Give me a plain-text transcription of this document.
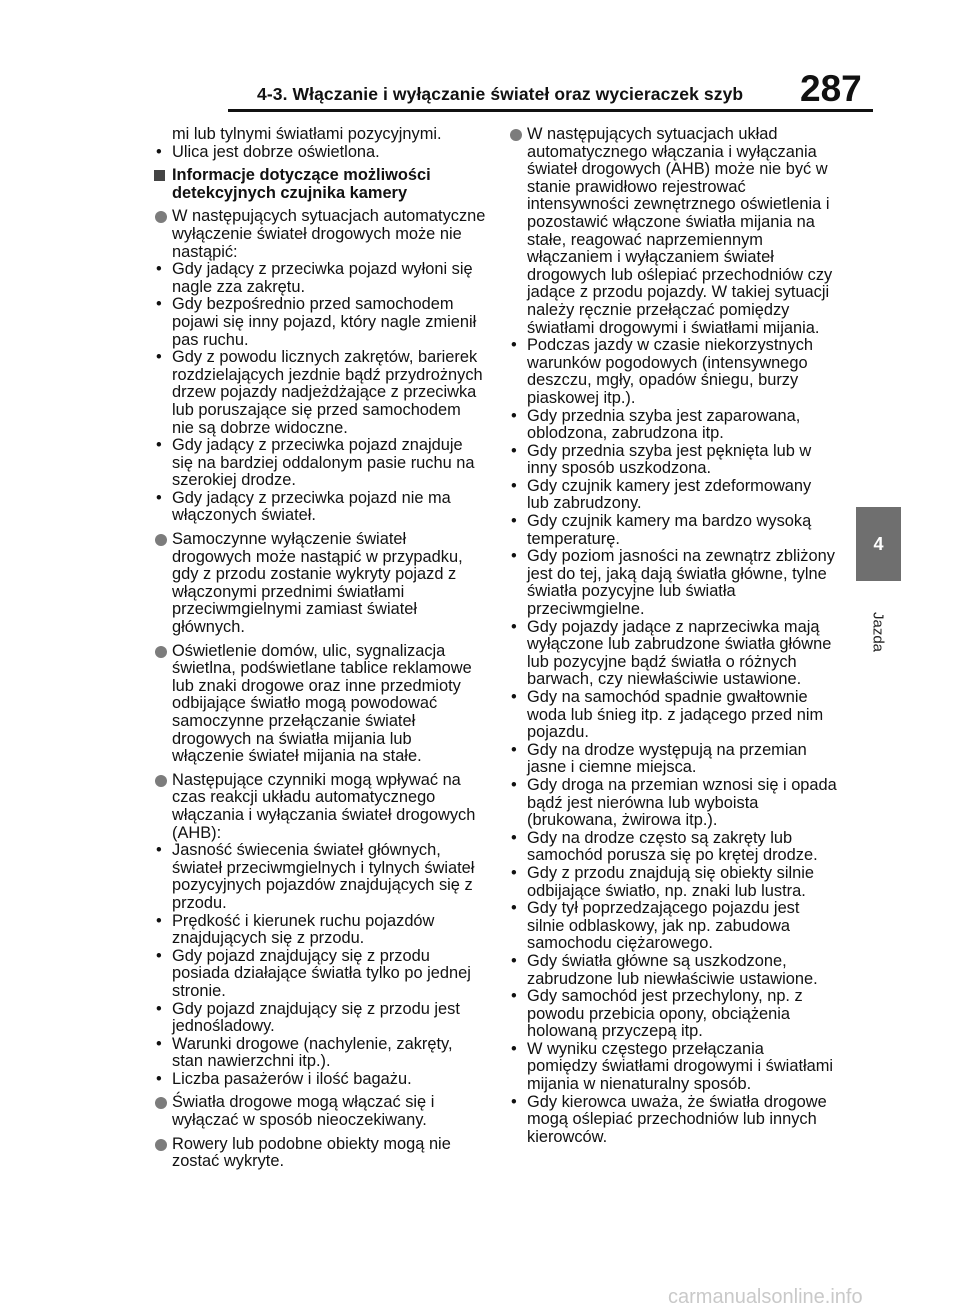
4-3. Włączanie i wyłączanie świateł oraz wycieraczek szyb 287
4
Jazda
mi lub tylnymi światłami pozycyjnymi.
• Ulica jest dobrze oświetlona.
Informacje dotyczące możliwości detekcyjnych czujnika kamery
W następujących sytuacjach automatyczne wyłączenie świateł drogowych może nie nastąpić:
• Gdy jadący z przeciwka pojazd wyłoni się nagle zza zakrętu.
• Gdy bezpośrednio przed samochodem pojawi się inny pojazd, który nagle zmienił pas ruchu.
• Gdy z powodu licznych zakrętów, barierek rozdzielających jezdnie bądź przydrożnych drzew pojazdy nadjeżdżające z przeciwka lub poruszające się przed samochodem nie są dobrze widoczne.
• Gdy jadący z przeciwka pojazd znajduje się na bardziej oddalonym pasie ruchu na szerokiej drodze.
• Gdy jadący z przeciwka pojazd nie ma włączonych świateł.
Samoczynne wyłączenie świateł drogowych może nastąpić w przypadku, gdy z przodu zostanie wykryty pojazd z włączonymi przednimi światłami przeciwmgielnymi zamiast świateł głównych.
Oświetlenie domów, ulic, sygnalizacja świetlna, podświetlane tablice reklamowe lub znaki drogowe oraz inne przedmioty odbijające światło mogą powodować samoczynne przełączanie świateł drogowych na światła mijania lub włączenie świateł mijania na stałe.
Następujące czynniki mogą wpływać na czas reakcji układu automatycznego włączania i wyłączania świateł drogowych (AHB):
• Jasność świecenia świateł głównych, świateł przeciwmgielnych i tylnych świateł pozycyjnych pojazdów znajdujących się z przodu.
• Prędkość i kierunek ruchu pojazdów znajdujących się z przodu.
• Gdy pojazd znajdujący się z przodu posiada działające światła tylko po jednej stronie.
• Gdy pojazd znajdujący się z przodu jest jednośladowy.
• Warunki drogowe (nachylenie, zakręty, stan nawierzchni itp.).
• Liczba pasażerów i ilość bagażu.
Światła drogowe mogą włączać się i wyłączać w sposób nieoczekiwany.
Rowery lub podobne obiekty mogą nie zostać wykryte.
W następujących sytuacjach układ automatycznego włączania i wyłączania świateł drogowych (AHB) może nie być w stanie prawidłowo rejestrować intensywności zewnętrznego oświetlenia i pozostawić włączone światła mijania na stałe, reagować naprzemiennym włączaniem i wyłączaniem świateł drogowych lub oślepiać przechodniów czy jadące z przodu pojazdy. W takiej sytuacji należy ręcznie przełączać pomiędzy światłami drogowymi i światłami mijania.
• Podczas jazdy w czasie niekorzystnych warunków pogodowych (intensywnego deszczu, mgły, opadów śniegu, burzy piaskowej itp.).
• Gdy przednia szyba jest zaparowana, oblodzona, zabrudzona itp.
• Gdy przednia szyba jest pęknięta lub w inny sposób uszkodzona.
• Gdy czujnik kamery jest zdeformowany lub zabrudzony.
• Gdy czujnik kamery ma bardzo wysoką temperaturę.
• Gdy poziom jasności na zewnątrz zbliżony jest do tej, jaką dają światła główne, tylne światła pozycyjne lub światła przeciwmgielne.
• Gdy pojazdy jadące z naprzeciwka mają wyłączone lub zabrudzone światła główne lub pozycyjne bądź światła o różnych barwach, czy niewłaściwie ustawione.
• Gdy na samochód spadnie gwałtownie woda lub śnieg itp. z jadącego przed nim pojazdu.
• Gdy na drodze występują na przemian jasne i ciemne miejsca.
• Gdy droga na przemian wznosi się i opada bądź jest nierówna lub wyboista (brukowana, żwirowa itp.).
• Gdy na drodze często są zakręty lub samochód porusza się po krętej drodze.
• Gdy z przodu znajdują się obiekty silnie odbijające światło, np. znaki lub lustra.
• Gdy tył poprzedzającego pojazdu jest silnie odblaskowy, jak np. zabudowa samochodu ciężarowego.
• Gdy światła główne są uszkodzone, zabrudzone lub niewłaściwie ustawione.
• Gdy samochód jest przechylony, np. z powodu przebicia opony, obciążenia holowaną przyczepą itp.
• W wyniku częstego przełączania pomiędzy światłami drogowymi i światłami mijania w nienaturalny sposób.
• Gdy kierowca uważa, że światła drogowe mogą oślepiać przechodniów lub innych kierowców.
carmanualsonline.info
